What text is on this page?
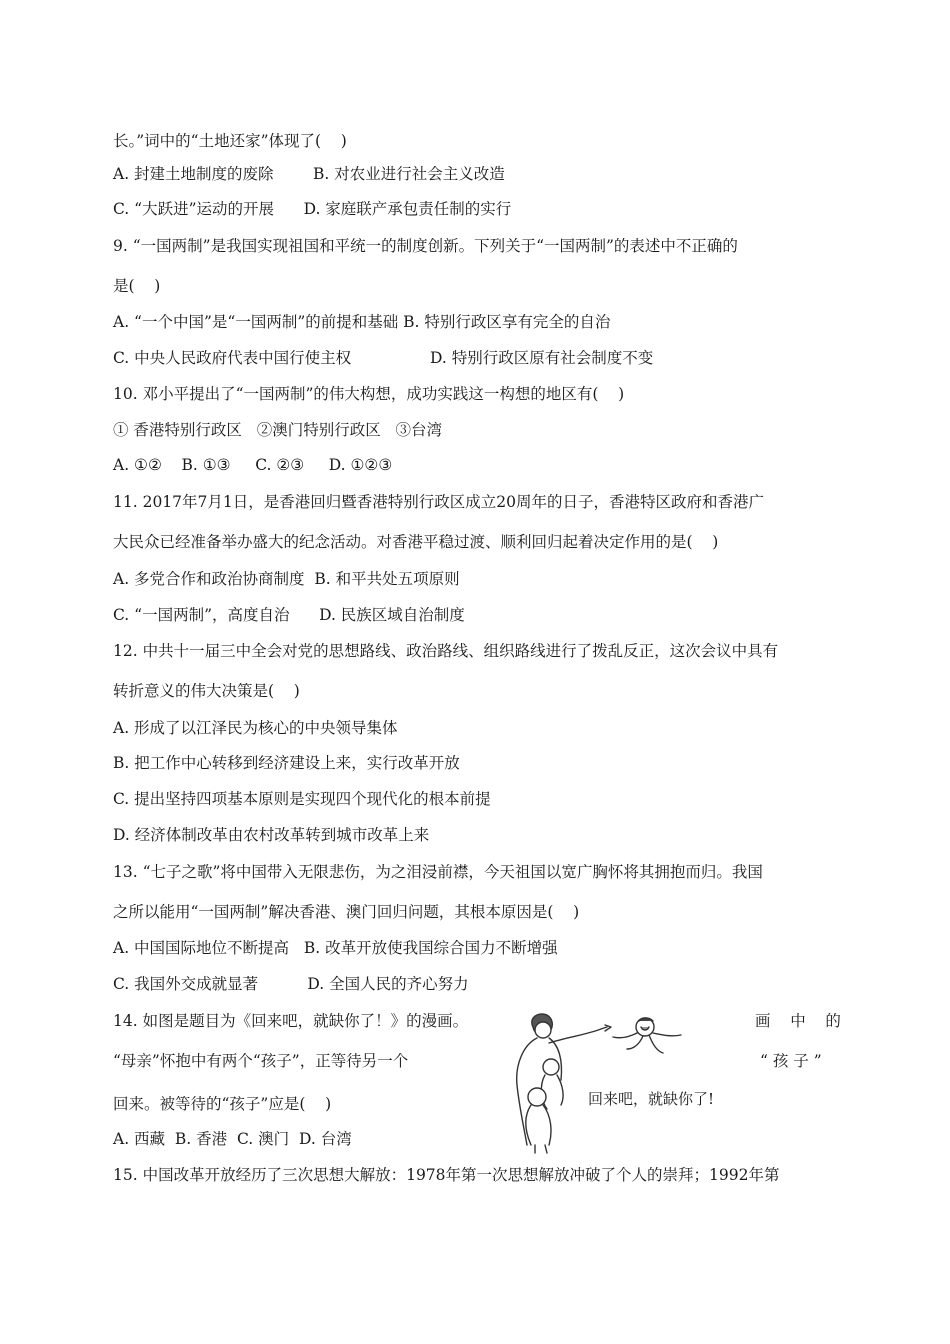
长。”词中的“土地还家”体现了(    )
A. 封建土地制度的废除        B. 对农业进行社会主义改造
C. “大跃进”运动的开展      D. 家庭联产承包责任制的实行
9. “一国两制”是我国实现祖国和平统一的制度创新。下列关于“一国两制”的表述中不正确的
是(    )
A. “一个中国”是“一国两制”的前提和基础 B. 特别行政区享有完全的自治
C. 中央人民政府代表中国行使主权                D. 特别行政区原有社会制度不变
10. 邓小平提出了“一国两制”的伟大构想，成功实践这一构想的地区有(    )
① 香港特别行政区   ②澳门特别行政区   ③台湾
A. ①②    B. ①③     C. ②③     D. ①②③
11. 2017年7月1日，是香港回归暨香港特别行政区成立20周年的日子，香港特区政府和香港广
大民众已经准备举办盛大的纪念活动。对香港平稳过渡、顺利回归起着决定作用的是(    )
A. 多党合作和政治协商制度  B. 和平共处五项原则
C. “一国两制”，高度自治      D. 民族区域自治制度
12. 中共十一届三中全会对党的思想路线、政治路线、组织路线进行了拨乱反正，这次会议中具有
转折意义的伟大决策是(    )
A. 形成了以江泽民为核心的中央领导集体
B. 把工作中心转移到经济建设上来，实行改革开放
C. 提出坚持四项基本原则是实现四个现代化的根本前提
D. 经济体制改革由农村改革转到城市改革上来
13. “七子之歌”将中国带入无限悲伤，为之泪浸前襟，今天祖国以宽广胸怀将其拥抱而归。我国
之所以能用“一国两制”解决香港、澳门回归问题，其根本原因是(    )
A. 中国国际地位不断提高   B. 改革开放使我国综合国力不断增强
C. 我国外交成就显著          D. 全国人民的齐心努力
14. 如图是题目为《回来吧，就缺你了！》的漫画。	画    中    的
“母亲”怀抱中有两个“孩子”，正等待另一个	“ 孩 子 ”
回来。被等待的“孩子”应是(    )
A. 西藏  B. 香港  C. 澳门  D. 台湾
回来吧，就缺你了!
15. 中国改革开放经历了三次思想大解放：1978年第一次思想解放冲破了个人的崇拜；1992年第
